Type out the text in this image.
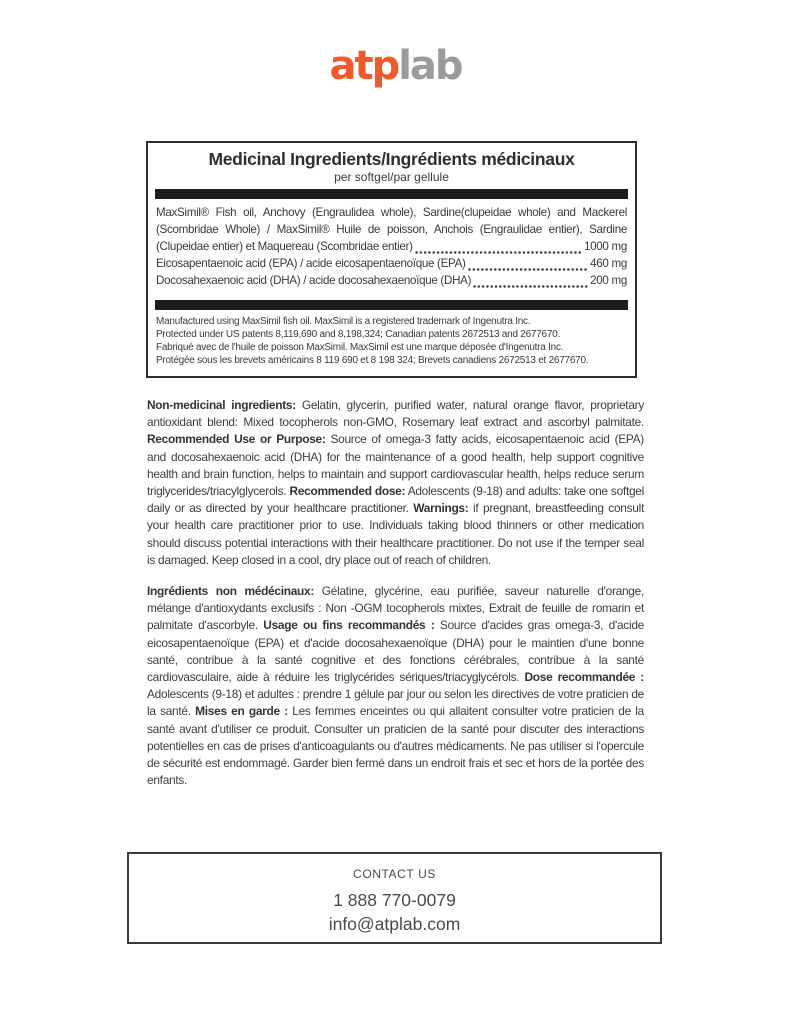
atplab
Medicinal Ingredients/Ingrédients médicinaux
per softgel/par gellule
MaxSimil® Fish oil, Anchovy (Engraulidea whole), Sardine(clupeidae whole) and Mackerel
(Scombridae Whole) / MaxSimil® Huile de poisson, Anchois (Engraulidae entier), Sardine
(Clupeidae entier) et Maquereau (Scombridae entier)	1000 mg
Eicosapentaenoic acid (EPA) / acide eicosapentaenoïque (EPA)	460 mg
Docosahexaenoic acid (DHA) / acide docosahexaenoïque (DHA)	200 mg
Manufactured using MaxSimil fish oil. MaxSimil is a registered trademark of Ingenutra Inc.
Protected under US patents 8,119,690 and 8,198,324; Canadian patents 2672513 and 2677670.
Fabriqué avec de l'huile de poisson MaxSimil. MaxSimil est une marque déposée d'Ingenutra Inc.
Protégée sous les brevets américains 8 119 690 et 8 198 324; Brevets canadiens 2672513 et 2677670.

Non-medicinal ingredients: Gelatin, glycerin, purified water, natural orange flavor, proprietary antioxidant blend: Mixed tocopherols non-GMO, Rosemary leaf extract and ascorbyl palmitate. Recommended Use or Purpose: Source of omega-3 fatty acids, eicosapentaenoic acid (EPA) and docosahexaenoic acid (DHA) for the maintenance of a good health, help support cognitive health and brain function, helps to maintain and support cardiovascular health, helps reduce serum triglycerides/triacylglycerols. Recommended dose: Adolescents (9-18) and adults: take one softgel daily or as directed by your healthcare practitioner. Warnings: if pregnant, breastfeeding consult your health care practitioner prior to use. Individuals taking blood thinners or other medication should discuss potential interactions with their healthcare practitioner. Do not use if the temper seal is damaged. Keep closed in a cool, dry place out of reach of children.

Ingrédients non médécinaux: Gélatine, glycérine, eau purifiée, saveur naturelle d'orange, mélange d'antioxydants exclusifs : Non -OGM tocopherols mixtes, Extrait de feuille de romarin et palmitate d'ascorbyle. Usage ou fins recommandés : Source d'acides gras omega-3, d'acide eicosapentaenoïque (EPA) et d'acide docosahexaenoïque (DHA) pour le maintien d'une bonne santé, contribue à la santé cognitive et des fonctions cérébrales, contribue à la santé cardiovasculaire, aide à réduire les triglycérides sériques/triacyglycérols. Dose recommandée : Adolescents (9-18) et adultes : prendre 1 gélule par jour ou selon les directives de votre praticien de la santé. Mises en garde : Les femmes enceintes ou qui allaitent consulter votre praticien de la santé avant d'utiliser ce produit. Consulter un praticien de la santé pour discuter des interactions potentielles en cas de prises d'anticoagulants ou d'autres médicaments. Ne pas utiliser si l'opercule de sécurité est endommagé. Garder bien fermé dans un endroit frais et sec et hors de la portée des enfants.

CONTACT US
1 888 770-0079
info@atplab.com
